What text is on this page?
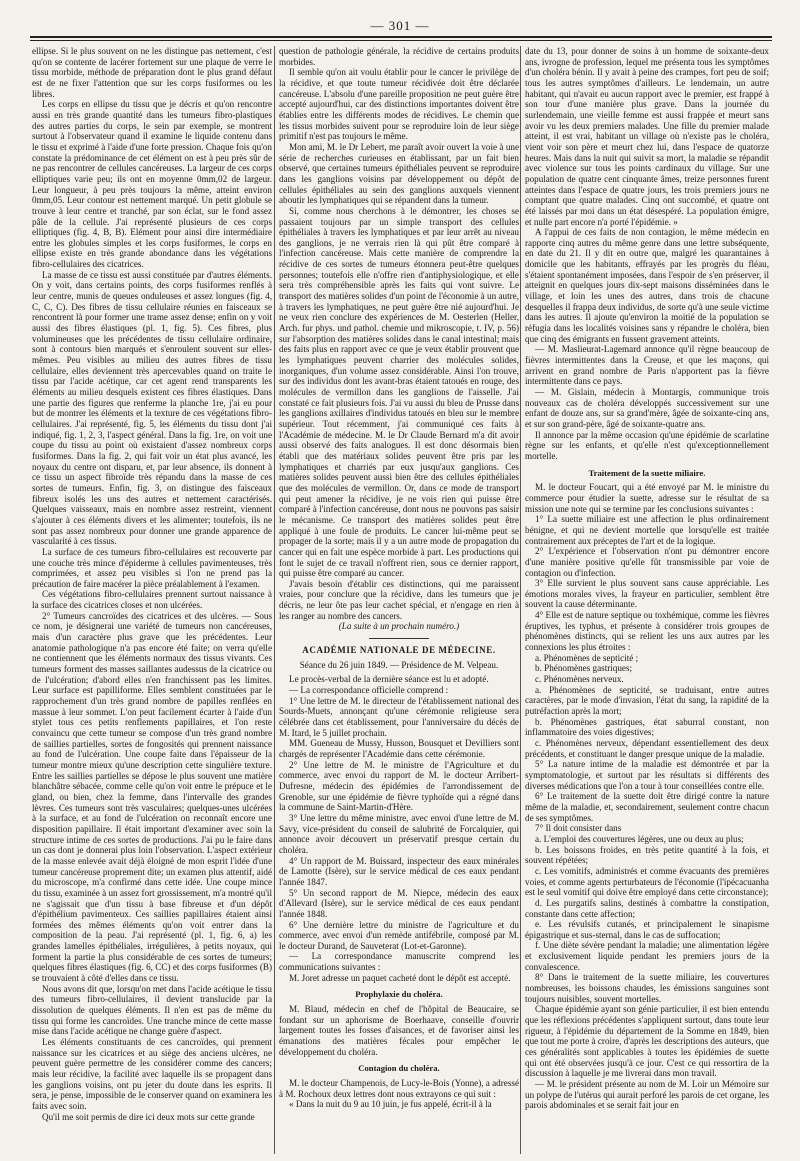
— 301 —

ellipse. Si le plus souvent on ne les distingue pas nettement, c'est qu'on se contente de lacérer fortement sur une plaque de verre le tissu morbide, méthode de préparation dont le plus grand défaut est de ne fixer l'attention que sur les corps fusiformes ou les libres.

Les corps en ellipse du tissu que je décris et qu'on rencontre aussi en très grande quantité dans les tumeurs fibro-plastiques des autres parties du corps, le sein par exemple, se montrent surtout à l'observateur quand il examine le liquide contenu dans le tissu et exprimé à l'aide d'une forte pression. Chaque fois qu'on constate la prédominance de cet élément on est à peu près sûr de ne pas rencontrer de cellules cancéreuses. La largeur de ces corps elliptiques varie peu; ils ont en moyenne 0mm,02 de largeur. Leur longueur, à peu près toujours la même, atteint environ 0mm,05. Leur contour est nettement marqué. Un petit globule se trouve à leur centre et tranché, par son éclat, sur le fond assez pâle de la cellule. J'ai représenté plusieurs de ces corps elliptiques (fig. 4, B, B). Elément pour ainsi dire intermédiaire entre les globules simples et les corps fusiformes, le corps en ellipse existe en très grande abondance dans les végétations fibro-cellulaires des cicatrices.

La masse de ce tissu est aussi constituée par d'autres éléments. On y voit, dans certains points, des corps fusiformes renflés à leur centre, munis de queues onduleuses et assez longues (fig. 4, C, C, C). Des fibres de tissu cellulaire réunies en faisceaux se rencontrent là pour former une trame assez dense; enfin on y voit aussi des fibres élastiques (pl. 1, fig. 5). Ces fibres, plus volumineuses que les précédentes de tissu cellulaire ordinaire, sont à contours bien marqués et s'enroulent souvent sur elles-mêmes. Peu visibles au milieu des autres fibres de tissu cellulaire, elles deviennent très apercevables quand on traite le tissu par l'acide acétique, car cet agent rend transparents les éléments au milieu desquels existent ces fibres élastiques. Dans une partie des figures que renferme la planche 1re, j'ai eu pour but de montrer les éléments et la texture de ces végétations fibro-cellulaires. J'ai représenté, fig. 5, les éléments du tissu dont j'ai indiqué, fig. 1, 2, 3, l'aspect général. Dans la fig. 1re, on voit une coupe du tissu au point où existaient d'assez nombreux corps fusiformes. Dans la fig. 2, qui fait voir un état plus avancé, les noyaux du centre ont disparu, et, par leur absence, ils donnent à ce tissu un aspect fibroïde très répandu dans la masse de ces sortes de tumeurs. Enfin, fig. 3, on distingue des faisceaux fibreux isolés les uns des autres et nettement caractérisés. Quelques vaisseaux, mais en nombre assez restreint, viennent s'ajouter à ces éléments divers et les alimenter; toutefois, ils ne sont pas assez nombreux pour donner une grande apparence de vascularité à ces tissus.

La surface de ces tumeurs fibro-cellulaires est recouverte par une couche très mince d'épiderme à cellules pavimenteuses, très comprimées, et assez peu visibles si l'on ne prend pas la précaution de faire macérer la pièce préalablement à l'examen.

Ces végétations fibro-cellulaires prennent surtout naissance à la surface des cicatrices closes et non ulcérées.

2° Tumeurs cancroïdes des cicatrices et des ulcères. — Sous ce nom, je désignerai une variété de tumeurs non cancéreuses, mais d'un caractère plus grave que les précédentes. Leur anatomie pathologique n'a pas encore été faite; on verra qu'elle ne contiennent que les éléments normaux des tissus vivants. Ces tumeurs forment des masses saillantes audessus de la cicatrice ou de l'ulcération; d'abord elles n'en franchissent pas les limites. Leur surface est papilliforme. Elles semblent constituées par le rapprochement d'un très grand nombre de papilles renflées en massue à leur sommet. L'on peut facilement écarter à l'aide d'un stylet tous ces petits renflements papillaires, et l'on reste convaincu que cette tumeur se compose d'un très grand nombre de saillies partielles, sortes de fongosités qui prennent naissance au fond de l'ulcération. Une coupe faite dans l'épaisseur de la tumeur montre mieux qu'une description cette singulière texture. Entre les saillies partielles se dépose le plus souvent une matière blanchâtre sébacée, comme celle qu'on voit entre le prépuce et le gland, ou bien, chez la femme, dans l'intervalle des grandes lèvres. Ces tumeurs sont très vasculaires; quelques-unes ulcérées à la surface, et au fond de l'ulcération on reconnaît encore une disposition papillaire. Il était important d'examiner avec soin la structure intime de ces sortes de productions. J'ai pu le faire dans un cas dont je donnerai plus loin l'observation. L'aspect extérieur de la masse enlevée avait déjà éloigné de mon esprit l'idée d'une tumeur cancéreuse proprement dite; un examen plus attentif, aidé du microscope, m'a confirmé dans cette idée. Une coupe mince du tissu, examinée à un assez fort grossissement, m'a montré qu'il ne s'agissait que d'un tissu à base fibreuse et d'un dépôt d'épithélium pavimenteux. Ces saillies papillaires étaient ainsi formées des mêmes éléments qu'on voit entrer dans la composition de la peau. J'ai représenté (pl. 1, fig. 6, a) les grandes lamelles épithéliales, irrégulières, à petits noyaux, qui forment la partie la plus considérable de ces sortes de tumeurs; quelques fibres élastiques (fig. 6, CC) et des corps fusiformes (B) se trouvaient à côté d'elles dans ce tissu.

Nous avons dit que, lorsqu'on met dans l'acide acétique le tissu des tumeurs fibro-cellulaires, il devient translucide par la dissolution de quelques éléments. Il n'en est pas de même du tissu qui forme les cancroïdes. Une tranche mince de cette masse mise dans l'acide acétique ne change guère d'aspect.

Les éléments constituants de ces cancroïdes, qui prennent naissance sur les cicatrices et au siège des anciens ulcères, ne peuvent guère permettre de les considérer comme des cancers; mais leur récidive, la facilité avec laquelle ils se propagent dans les ganglions voisins, ont pu jeter du doute dans les esprits. Il sera, je pense, impossible de le conserver quand on examinera les faits avec soin.

Qu'il me soit permis de dire ici deux mots sur cette grande

question de pathologie générale, la récidive de certains produits morbides.

Il semble qu'on ait voulu établir pour le cancer le privilège de la récidive, et que toute tumeur récidivée doit être déclarée cancéreuse. L'absolu d'une pareille proposition ne peut guère être accepté aujourd'hui, car des distinctions importantes doivent être établies entre les différents modes de récidives. Le chemin que les tissus morbides suivent pour se reproduire loin de leur siège primitif n'est pas toujours le même.

Mon ami, M. le Dr Lebert, me paraît avoir ouvert la voie à une série de recherches curieuses en établissant, par un fait bien observé, que certaines tumeurs épithéliales peuvent se reproduire dans les ganglions voisins par développement ou dépôt de cellules épithéliales au sein des ganglions auxquels viennent aboutir les lymphatiques qui se répandent dans la tumeur.

Si, comme nous cherchons à le démontrer, les choses se passaient toujours par un simple transport des cellules épithéliales à travers les lymphatiques et par leur arrêt au niveau des ganglions, je ne verrais rien là qui pût être comparé à l'infection cancéreuse. Mais cette manière de comprendre la récidive de ces sortes de tumeurs étonnera peut-être quelques personnes; toutefois elle n'offre rien d'antiphysiologique, et elle sera très compréhensible après les faits qui vont suivre. Le transport des matières solides d'un point de l'économie à un autre, à travers les lymphatiques, ne peut guère être nié aujourd'hui. Je ne veux rien conclure des expériences de M. Oesterlen (Heller, Arch. fur phys. und pathol. chemie und mikroscopie, t. IV, p. 56) sur l'absorption des matières solides dans le canal intestinal; mais des faits plus en rapport avec ce que je veux établir prouvent que les lymphatiques peuvent charrier des molécules solides, inorganiques, d'un volume assez considérable. Ainsi l'on trouve, sur des individus dont les avant-bras étaient tatoués en rouge, des molécules de vermillon dans les ganglions de l'aisselle. J'ai constaté ce fait plusieurs fois. J'ai vu aussi du bleu de Prusse dans les ganglions axillaires d'individus tatoués en bleu sur le membre supérieur. Tout récemment, j'ai communiqué ces faits à l'Académie de médecine. M. le Dr Claude Bernard m'a dit avoir aussi observé des faits analogues. Il est donc désormais bien établi que des matériaux solides peuvent être pris par les lymphatiques et charriés par eux jusqu'aux ganglions. Ces matières solides peuvent aussi bien être des cellules épithéliales que des molécules de vermillon. Or, dans ce mode de transport qui peut amener la récidive, je ne vois rien qui puisse être comparé à l'infection cancéreuse, dont nous ne pouvons pas saisir le mécanisme. Ce transport des matières solides peut être appliqué à une foule de produits. Le cancer lui-même peut se propager de la sorte; mais il y a un autre mode de propagation du cancer qui en fait une espèce morbide à part. Les productions qui font le sujet de ce travail n'offrent rien, sous ce dernier rapport, qui puisse être comparé au cancer.

J'avais besoin d'établir ces distinctions, qui me paraissent vraies, pour conclure que la récidive, dans les tumeurs que je décris, ne leur ôte pas leur cachet spécial, et n'engage en rien à les ranger au nombre des cancers.

(La suite à un prochain numéro.)

ACADÉMIE NATIONALE DE MÉDECINE.

Séance du 26 juin 1849. — Présidence de M. Velpeau.

Le procès-verbal de la dernière séance est lu et adopté.

— La correspondance officielle comprend :

1° Une lettre de M. le directeur de l'établissement national des Sourds-Muets, annonçant qu'une cérémonie religieuse sera célébrée dans cet établissement, pour l'anniversaire du décès de M. Itard, le 5 juillet prochain.

MM. Gueneau de Mussy, Husson, Bousquet et Devilliers sont chargés de représenter l'Académie dans cette cérémonie.

2° Une lettre de M. le ministre de l'Agriculture et du commerce, avec envoi du rapport de M. le docteur Arribert-Dufresne, médecin des épidémies de l'arrondissement de Grenoble, sur une épidémie de fièvre typhoïde qui a régné dans la commune de Saint-Martin-d'Hère.

3° Une lettre du même ministre, avec envoi d'une lettre de M. Savy, vice-président du conseil de salubrité de Forcalquier, qui annonce avoir découvert un préservatif presque certain du choléra.

4° Un rapport de M. Buissard, inspecteur des eaux minérales de Lamotte (Isère), sur le service médical de ces eaux pendant l'année 1847.

5° Un second rapport de M. Niepce, médecin des eaux d'Allevard (Isère), sur le service médical de ces eaux pendant l'année 1848.

6° Une dernière lettre du ministre de l'agriculture et du commerce, avec envoi d'un remède antifébrile, composé par M. le docteur Durand, de Sauveterat (Lot-et-Garonne).

— La correspondance manuscrite comprend les communications suivantes :

M. Joret adresse un paquet cacheté dont le dépôt est accepté.

Prophylaxie du choléra.

M. Blaud, médecin en chef de l'hôpital de Beaucaire, se fondant sur un aphorisme de Boerhaave, conseille d'ouvrir largement toutes les fosses d'aisances, et de favoriser ainsi les émanations des matières fécales pour empêcher le développement du choléra.

Contagion du choléra.

M. le docteur Champenois, de Lucy-le-Bois (Yonne), a adressé à M. Rochoux deux lettres dont nous extrayons ce qui suit :

« Dans la nuit du 9 au 10 juin, je fus appelé, écrit-il à la

date du 13, pour donner de soins à un homme de soixante-deux ans, ivrogne de profession, lequel me présenta tous les symptômes d'un choléra bénin. Il y avait à peine des crampes, fort peu de soif; tous les autres symptômes d'ailleurs. Le lendemain, un autre habitant, qui n'avait eu aucun rapport avec le premier, est frappé à son tour d'une manière plus grave. Dans la journée du surlendemain, une vieille femme est aussi frappée et meurt sans avoir vu les deux premiers malades. Une fille du premier malade atteint, il est vrai, habitant un village où n'existe pas le choléra, vient voir son père et meurt chez lui, dans l'espace de quatorze heures. Mais dans la nuit qui suivit sa mort, la maladie se répandit avec violence sur tous les points cardinaux du village. Sur une population de quatre cent cinquante âmes, treize personnes furent atteintes dans l'espace de quatre jours, les trois premiers jours ne comptant que quatre malades. Cinq ont succombé, et quatre ont été laissés par moi dans un état désespéré. La population émigre, et nulle part encore n'a porté l'épidémie. »

A l'appui de ces faits de non contagion, le même médecin en rapporte cinq autres du même genre dans une lettre subséquente, en date du 21. Il y dit en outre que, malgré les quarantaines à domicile que les habitants, effrayés par les progrès du fléau, s'étaient spontanément imposées, dans l'espoir de s'en préserver, il atteignit en quelques jours dix-sept maisons disséminées dans le village, et loin les unes des autres, dans trois de chacune desquelles il frappa deux individus, de sorte qu'à une seule victime dans les autres. Il ajoute qu'environ la moitié de la population se réfugia dans les localités voisines sans y répandre le choléra, bien que cinq des émigrants en fussent gravement atteints.

— M. Maslieurat-Lagemard annonce qu'il règne beaucoup de fièvres intermittentes dans la Creuse, et que les maçons, qui arrivent en grand nombre de Paris n'apportent pas la fièvre intermittente dans ce pays.

— M. Gislain, médecin à Montargis, communique trois nouveaux cas de choléra développés successivement sur une enfant de douze ans, sur sa grand'mère, âgée de soixante-cinq ans, et sur son grand-père, âgé de soixante-quatre ans.

Il annonce par la même occasion qu'une épidémie de scarlatine règne sur les enfants, et qu'elle n'est qu'exceptionnellement mortelle.

Traitement de la suette miliaire.

M. le docteur Foucart, qui a été envoyé par M. le ministre du commerce pour étudier la suette, adresse sur le résultat de sa mission une note qui se termine par les conclusions suivantes :

1° La suette miliaire est une affection le plus ordinairement bénigne, et qui ne devient mortelle que lorsqu'elle est traitée contrairement aux préceptes de l'art et de la logique.

2° L'expérience et l'observation n'ont pu démontrer encore d'une manière positive qu'elle fût transmissible par voie de contagion ou d'infection.

3° Elle survient le plus souvent sans cause appréciable. Les émotions morales vives, la frayeur en particulier, semblent être souvent la cause déterminante.

4° Elle est de nature septique ou toxhémique, comme les fièvres éruptives, les typhus, et présente à considérer trois groupes de phénomènes distincts, qui se relient les uns aux autres par les connexions les plus étroites :

a. Phénomènes de septicité ;

b. Phénomènes gastriques;

c. Phénomènes nerveux.

a. Phénomènes de septicité, se traduisant, entre autres caractères, par le mode d'invasion, l'état du sang, la rapidité de la putréfaction après la mort;

b. Phénomènes gastriques, état saburral constant, non inflammatoire des voies digestives;

c. Phénomènes nerveux, dépendant essentiellement des deux précédents, et constituant le danger presque unique de la maladie.

5° La nature intime de la maladie est démontrée et par la symptomatologie, et surtout par les résultats si différents des diverses médications que l'on a tour à tour conseillées contre elle.

6° Le traitement de la suette doit être dirigé contre la nature même de la maladie, et, secondairement, seulement contre chacun de ses symptômes.

7° Il doit consister dans

a. L'emploi des couvertures légères, une ou deux au plus;

b. Les boissons froides, en très petite quantité à la fois, et souvent répétées;

c. Les vomitifs, administrés et comme évacuants des premières voies, et comme agents perturbateurs de l'économie (l'ipécacuanha est le seul vomitif qui doive être employé dans cette circonstance);

d. Les purgatifs salins, destinés à combattre la constipation, constante dans cette affection;

e. Les révulsifs cutanés, et principalement le sinapisme épigastrique et sus-sternal, dans le cas de suffocation;

f. Une diète sévère pendant la maladie; une alimentation légère et exclusivement liquide pendant les premiers jours de la convalescence.

8° Dans le traitement de la suette miliaire, les couvertures nombreuses, les boissons chaudes, les émissions sanguines sont toujours nuisibles, souvent mortelles.

Chaque épidémie ayant son génie particulier, il est bien entendu que les réflexions précédentes s'appliquent surtout, dans toute leur rigueur, à l'épidémie du département de la Somme en 1849, bien que tout me porte à croire, d'après les descriptions des auteurs, que ces généralités sont applicables à toutes les épidémies de suette qui ont été observées jusqu'à ce jour. C'est ce qui ressortira de la discussion à laquelle je me livrerai dans mon travail.

— M. le président présente au nom de M. Loir un Mémoire sur un polype de l'utérus qui aurait perforé les parois de cet organe, les parois abdominales et se serait fait jour en
